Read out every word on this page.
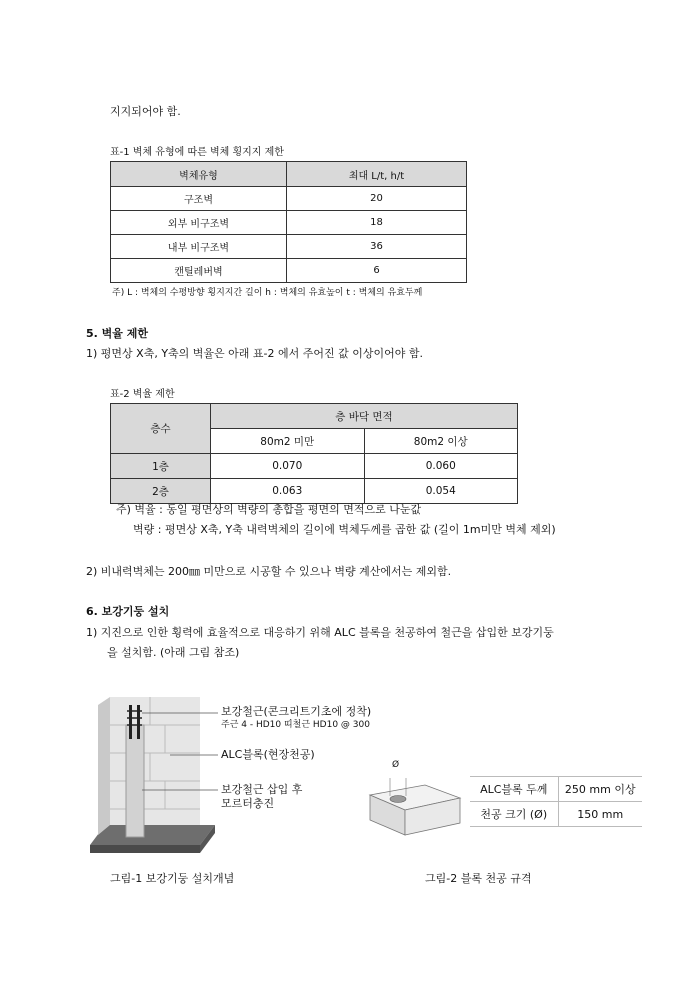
지지되어야 함.
표-1 벽체 유형에 따른 벽체 횡지지 제한
벽체유형	최대 L/t, h/t
구조벽	20
외부 비구조벽	18
내부 비구조벽	36
캔틸레버벽	6
주) L : 벽체의 수평방향 횡지지간 길이 h : 벽체의 유효높이 t : 벽체의 유효두께
5. 벽율 제한
1) 평면상 X축, Y축의 벽율은 아래 표-2 에서 주어진 값 이상이어야 함.
표-2 벽율 제한
층수	층 바닥 면적	
	80m2 미만	80m2 이상
1층	0.070	0.060
2층	0.063	0.054
주) 벽율 : 동일 평면상의 벽량의 총합을 평면의 면적으로 나눈값
벽량 : 평면상 X축, Y축 내력벽체의 길이에 벽체두께를 곱한 값 (길이 1m미만 벽체 제외)
2) 비내력벽체는 200㎜ 미만으로 시공할 수 있으나 벽량 계산에서는 제외함.
6. 보강기둥 설치
1) 지진으로 인한 횡력에 효율적으로 대응하기 위해 ALC 블록을 천공하여 철근을 삽입한 보강기둥
을 설치함. (아래 그림 참조)
보강철근(콘크리트기초에 정착)
주근 4 - HD10 띠철근 HD10 @ 300
ALC블록(현장천공)
보강철근 삽입 후
모르터충진
Ø
ALC블록 두께	250 mm 이상
천공 크기 (Ø)	150 mm
그림-1 보강기둥 설치개념	그림-2 블록 천공 규격
